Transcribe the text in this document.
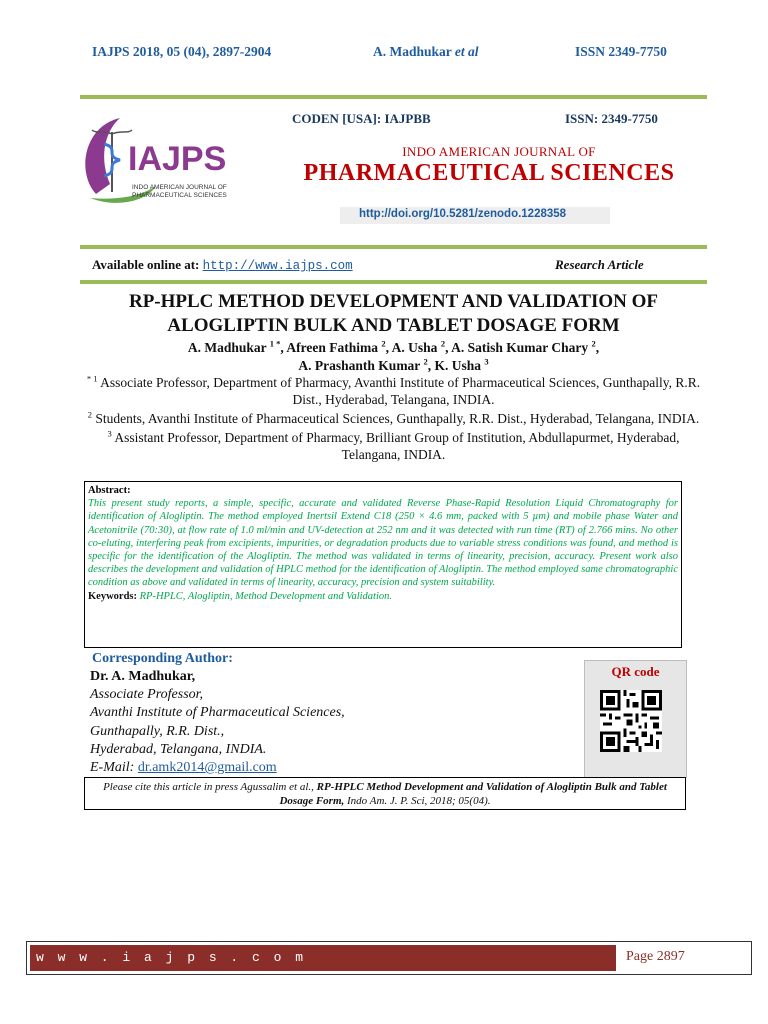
IAJPS 2018, 05 (04), 2897-2904	A. Madhukar et al	ISSN 2349-7750
IAJPS
INDO AMERICAN JOURNAL OF
PHARMACEUTICAL SCIENCES
CODEN [USA]: IAJPBB	ISSN: 2349-7750
INDO AMERICAN JOURNAL OF
PHARMACEUTICAL SCIENCES
http://doi.org/10.5281/zenodo.1228358
Available online at: http://www.iajps.com	Research Article
RP-HPLC METHOD DEVELOPMENT AND VALIDATION OF
ALOGLIPTIN BULK AND TABLET DOSAGE FORM
A. Madhukar $^{1 *}$, Afreen Fathima $^2$, A. Usha $^2$, A. Satish Kumar Chary $^2$,
A. Prashanth Kumar $^2$, K. Usha $^3$
$^{* 1}$ Associate Professor, Department of Pharmacy, Avanthi Institute of Pharmaceutical Sciences, Gunthapally, R.R. Dist., Hyderabad, Telangana, INDIA.
$^2$ Students, Avanthi Institute of Pharmaceutical Sciences, Gunthapally, R.R. Dist., Hyderabad, Telangana, INDIA.
$^3$ Assistant Professor, Department of Pharmacy, Brilliant Group of Institution, Abdullapurmet, Hyderabad, Telangana, INDIA.
Abstract:
This present study reports, a simple, specific, accurate and validated Reverse Phase-Rapid Resolution Liquid Chromatography for identification of Alogliptin. The method employed Inertsil Extend C18 (250 × 4.6 mm, packed with 5 µm) and mobile phase Water and Acetonitrile (70:30), at flow rate of 1.0 ml/min and UV-detection at 252 nm and it was detected with run time (RT) of 2.766 mins. No other co-eluting, interfering peak from excipients, impurities, or degradation products due to variable stress conditions was found, and method is specific for the identification of the Alogliptin. The method was validated in terms of linearity, precision, accuracy. Present work also describes the development and validation of HPLC method for the identification of Alogliptin. The method employed same chromatographic condition as above and validated in terms of linearity, accuracy, precision and system suitability.
Keywords: RP-HPLC, Alogliptin, Method Development and Validation.
Corresponding Author:
Dr. A. Madhukar,
Associate Professor,
Avanthi Institute of Pharmaceutical Sciences,
Gunthapally, R.R. Dist.,
Hyderabad, Telangana, INDIA.
E-Mail: dr.amk2014@gmail.com
QR code
Please cite this article in press Agussalim et al., RP-HPLC Method Development and Validation of Alogliptin Bulk and Tablet Dosage Form, Indo Am. J. P. Sci, 2018; 05(04).
w w w . i a j p s . c o m	Page 2897
